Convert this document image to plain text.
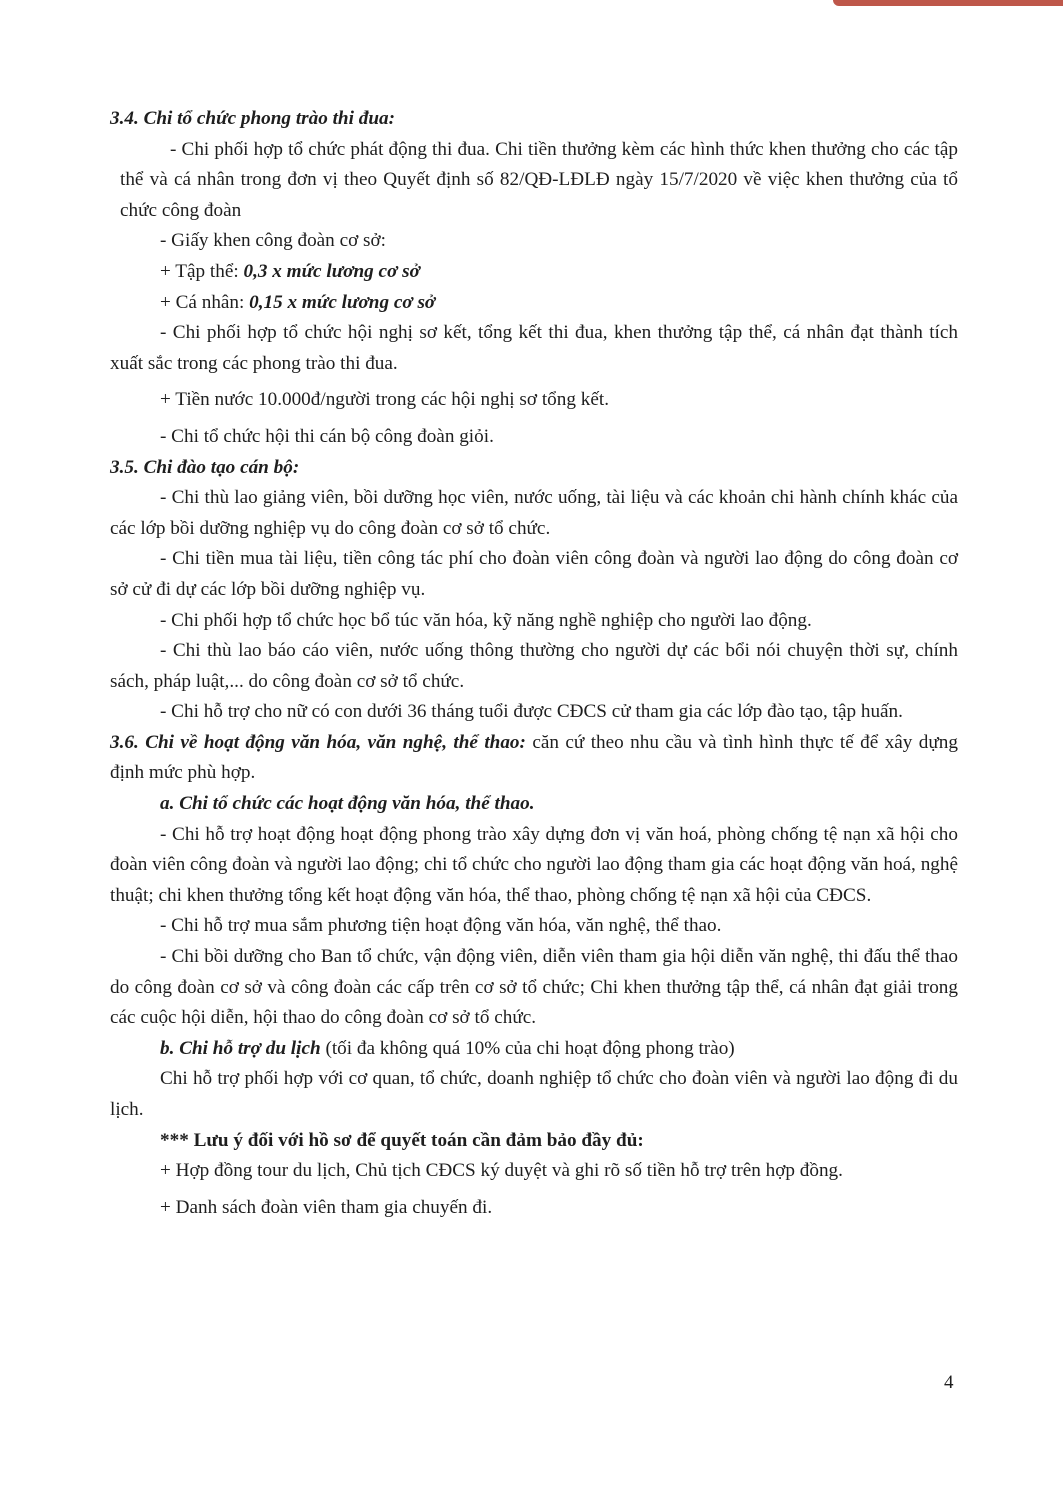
3.4. Chi tổ chức phong trào thi đua:

- Chi phối hợp tổ chức phát động thi đua. Chi tiền thưởng kèm các hình thức khen thưởng cho các tập thể và cá nhân trong đơn vị theo Quyết định số 82/QĐ-LĐLĐ ngày 15/7/2020 về việc khen thưởng của tổ chức công đoàn

- Giấy khen công đoàn cơ sở:

+ Tập thể: 0,3 x mức lương cơ sở

+ Cá nhân: 0,15 x mức lương cơ sở

- Chi phối hợp tổ chức hội nghị sơ kết, tổng kết thi đua, khen thưởng tập thể, cá nhân đạt thành tích xuất sắc trong các phong trào thi đua.

+ Tiền nước 10.000đ/người trong các hội nghị sơ tổng kết.

- Chi tổ chức hội thi cán bộ công đoàn giỏi.

3.5. Chi đào tạo cán bộ:

- Chi thù lao giảng viên, bồi dưỡng học viên, nước uống, tài liệu và các khoản chi hành chính khác của các lớp bồi dưỡng nghiệp vụ do công đoàn cơ sở tổ chức.

- Chi tiền mua tài liệu, tiền công tác phí cho đoàn viên công đoàn và người lao động do công đoàn cơ sở cử đi dự các lớp bồi dưỡng nghiệp vụ.

- Chi phối hợp tổ chức học bổ túc văn hóa, kỹ năng nghề nghiệp cho người lao động.

- Chi thù lao báo cáo viên, nước uống thông thường cho người dự các bổi nói chuyện thời sự, chính sách, pháp luật,... do công đoàn cơ sở tổ chức.

- Chi hỗ trợ cho nữ có con dưới 36 tháng tuổi được CĐCS cử tham gia các lớp đào tạo, tập huấn.

3.6. Chi về hoạt động văn hóa, văn nghệ, thể thao: căn cứ theo nhu cầu và tình hình thực tế để xây dựng định mức phù hợp.

a. Chi tổ chức các hoạt động văn hóa, thể thao.

- Chi hỗ trợ hoạt động hoạt động phong trào xây dựng đơn vị văn hoá, phòng chống tệ nạn xã hội cho đoàn viên công đoàn và người lao động; chi tổ chức cho người lao động tham gia các hoạt động văn hoá, nghệ thuật; chi khen thưởng tổng kết hoạt động văn hóa, thể thao, phòng chống tệ nạn xã hội của CĐCS.

- Chi hỗ trợ mua sắm phương tiện hoạt động văn hóa, văn nghệ, thể thao.

- Chi bồi dưỡng cho Ban tổ chức, vận động viên, diễn viên tham gia hội diễn văn nghệ, thi đấu thể thao do công đoàn cơ sở và công đoàn các cấp trên cơ sở tổ chức; Chi khen thưởng tập thể, cá nhân đạt giải trong các cuộc hội diễn, hội thao do công đoàn cơ sở tổ chức.

b. Chi hỗ trợ du lịch (tối đa không quá 10% của chi hoạt động phong trào)

Chi hỗ trợ phối hợp với cơ quan, tổ chức, doanh nghiệp tổ chức cho đoàn viên và người lao động đi du lịch.

*** Lưu ý đối với hồ sơ để quyết toán cần đảm bảo đầy đủ:

+ Hợp đồng tour du lịch, Chủ tịch CĐCS ký duyệt và ghi rõ số tiền hỗ trợ trên hợp đồng.

+ Danh sách đoàn viên tham gia chuyến đi.

4
